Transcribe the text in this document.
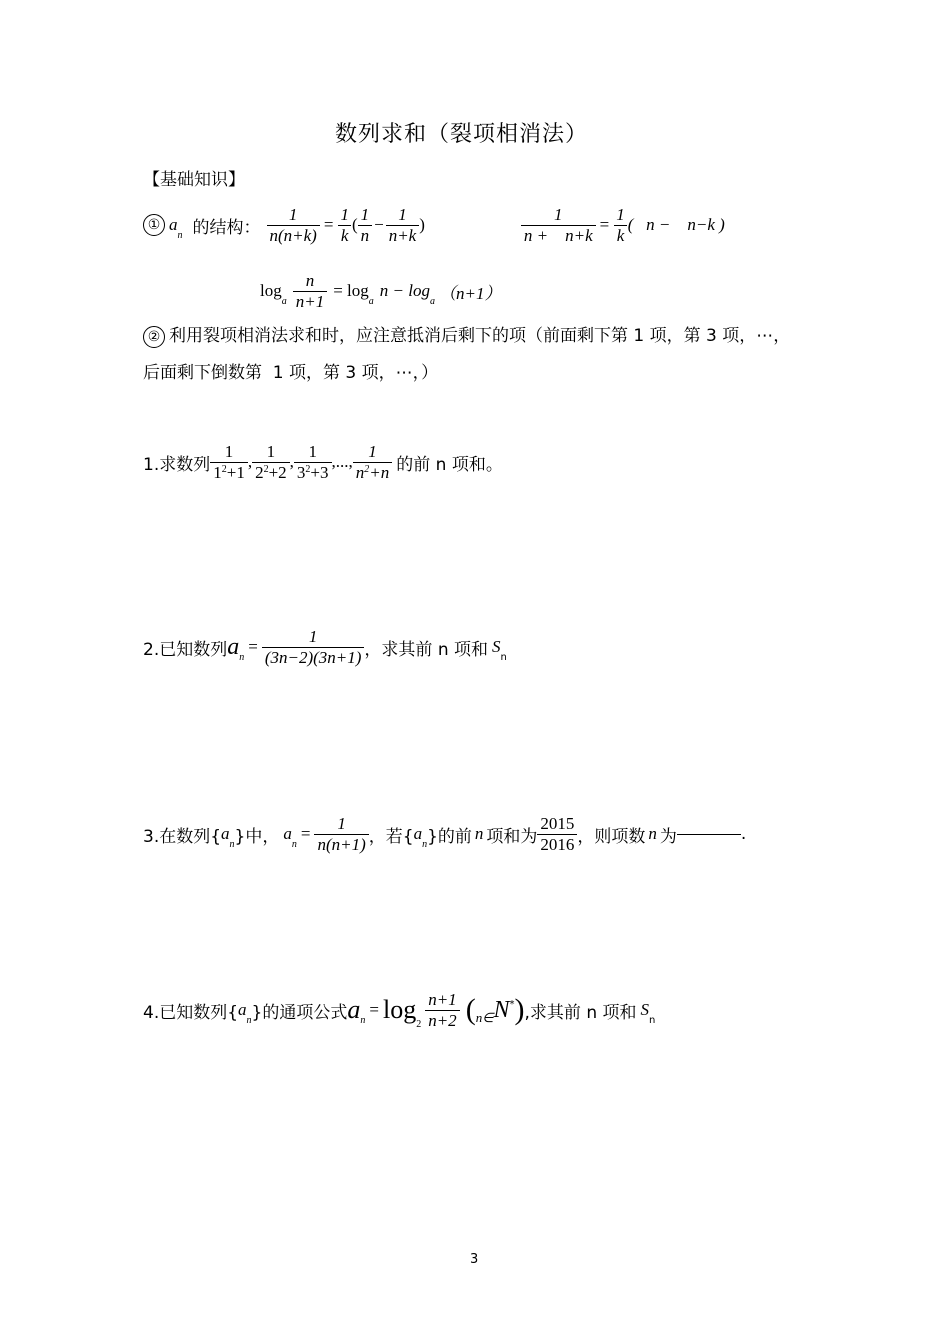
数列求和（裂项相消法）
【基础知识】
① a
n 的结构： $\frac{1}{n(n+k)} = \frac{1}{k}$ ( $\frac{1}{n} - \frac{1}{n+k}$ )	$\frac{1}{n + n+k} = \frac{1}{k}$ (   n −    n−k )
log
a $\frac{n}{n+1} = \log$
a
n − log
a （n+1）
② 利用裂项相消法求和时，应注意抵消后剩下的项（前面剩下第 1 项，第 3 项，⋯，
后面剩下倒数第  1 项，第 3 项，⋯，）
1.求数列 $\frac{1}{1^2+1}$ , $\frac{1}{2^2+2}$ , $\frac{1}{3^2+3}$ ,..., $\frac{1}{n^2+n}$ 的前 n 项和。
2.已知数列 a n
= $\frac{1}{(3n-2)(3n+1)}$ ，求其前 n 项和 S
n
3.在数列{ a
n }中， a
n
= $\frac{1}{n(n+1)}$ ，若{ a
n }的前 n 项和为 $\frac{2015}{2016}$ ，则项数 n 为	.
4.已知数列{ a
n }的通项公式 a n
= $\log 2 \frac{n+1}{n+2}$ ( n∈ N * ) ,求其前 n 项和 S
n
3
